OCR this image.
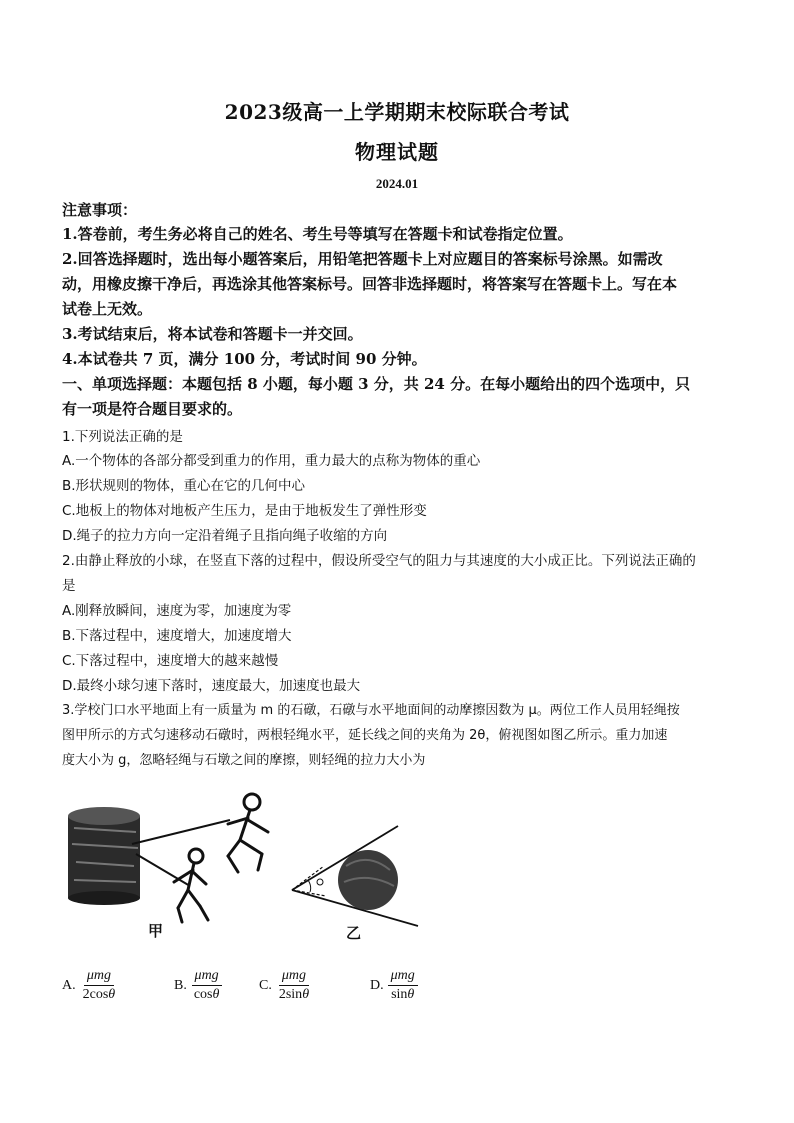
2023级高一上学期期末校际联合考试
物理试题
2024.01
注意事项：
1.答卷前，考生务必将自己的姓名、考生号等填写在答题卡和试卷指定位置。
2.回答选择题时，选出每小题答案后，用铅笔把答题卡上对应题目的答案标号涂黑。如需改
动，用橡皮擦干净后，再选涂其他答案标号。回答非选择题时，将答案写在答题卡上。写在本
试卷上无效。
3.考试结束后，将本试卷和答题卡一并交回。
4.本试卷共 7 页，满分 100 分，考试时间 90 分钟。
一、单项选择题：本题包括 8 小题，每小题 3 分，共 24 分。在每小题给出的四个选项中，只
有一项是符合题目要求的。
1.下列说法正确的是
A.一个物体的各部分都受到重力的作用，重力最大的点称为物体的重心
B.形状规则的物体，重心在它的几何中心
C.地板上的物体对地板产生压力，是由于地板发生了弹性形变
D.绳子的拉力方向一定沿着绳子且指向绳子收缩的方向
2.由静止释放的小球，在竖直下落的过程中，假设所受空气的阻力与其速度的大小成正比。下列说法正确的
是
A.刚释放瞬间，速度为零，加速度为零
B.下落过程中，速度增大，加速度增大
C.下落过程中，速度增大的越来越慢
D.最终小球匀速下落时，速度最大，加速度也最大
3.学校门口水平地面上有一质量为 m 的石礅，石礅与水平地面间的动摩擦因数为 μ。两位工作人员用轻绳按
图甲所示的方式匀速移动石礅时，两根轻绳水平，延长线之间的夹角为 2θ，俯视图如图乙所示。重力加速
度大小为 g，忽略轻绳与石墩之间的摩擦，则轻绳的拉力大小为
甲	乙
A. $\frac{\text{μmg}}{2\cos\theta}$	B. $\frac{\text{μmg}}{\cos\theta}$	C. $\frac{\text{μmg}}{2\sin\theta}$	D. $\frac{\text{μmg}}{\sin\theta}$
